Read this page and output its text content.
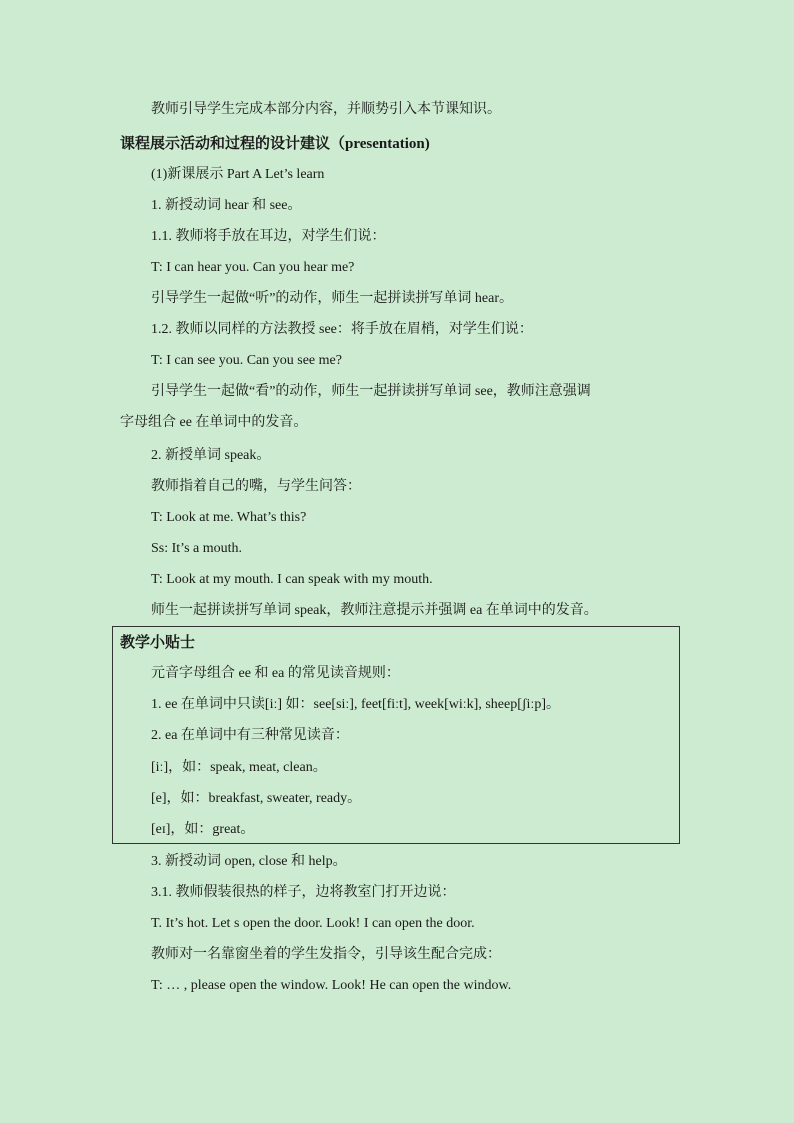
教师引导学生完成本部分内容，并顺势引入本节课知识。
课程展示活动和过程的设计建议（presentation)
(1)新课展示 Part A Let’s learn
1. 新授动词 hear 和 see。
1.1. 教师将手放在耳边，对学生们说：
T: I can hear you. Can you hear me?
引导学生一起做“听”的动作，师生一起拼读拼写单词 hear。
1.2. 教师以同样的方法教授 see：将手放在眉梢，对学生们说：
T: I can see you. Can you see me?
引导学生一起做“看”的动作，师生一起拼读拼写单词 see，教师注意强调
字母组合 ee 在单词中的发音。
2. 新授单词 speak。
教师指着自己的嘴，与学生问答：
T: Look at me. What’s this?
Ss: It’s a mouth.
T: Look at my mouth. I can speak with my mouth.
师生一起拼读拼写单词 speak，教师注意提示并强调 ea 在单词中的发音。
教学小贴士
元音字母组合 ee 和 ea 的常见读音规则：
1. ee 在单词中只读[iː] 如：see[siː], feet[fiːt], week[wiːk], sheep[ʃiːp]。
2. ea 在单词中有三种常见读音：
[iː]，如：speak, meat, clean。
[e]，如：breakfast, sweater, ready。
[eɪ]，如：great。
3. 新授动词 open, close 和 help。
3.1. 教师假装很热的样子，边将教室门打开边说：
T. It’s hot. Let s open the door. Look! I can open the door.
教师对一名靠窗坐着的学生发指令，引导该生配合完成：
T: … , please open the window. Look! He can open the window.
